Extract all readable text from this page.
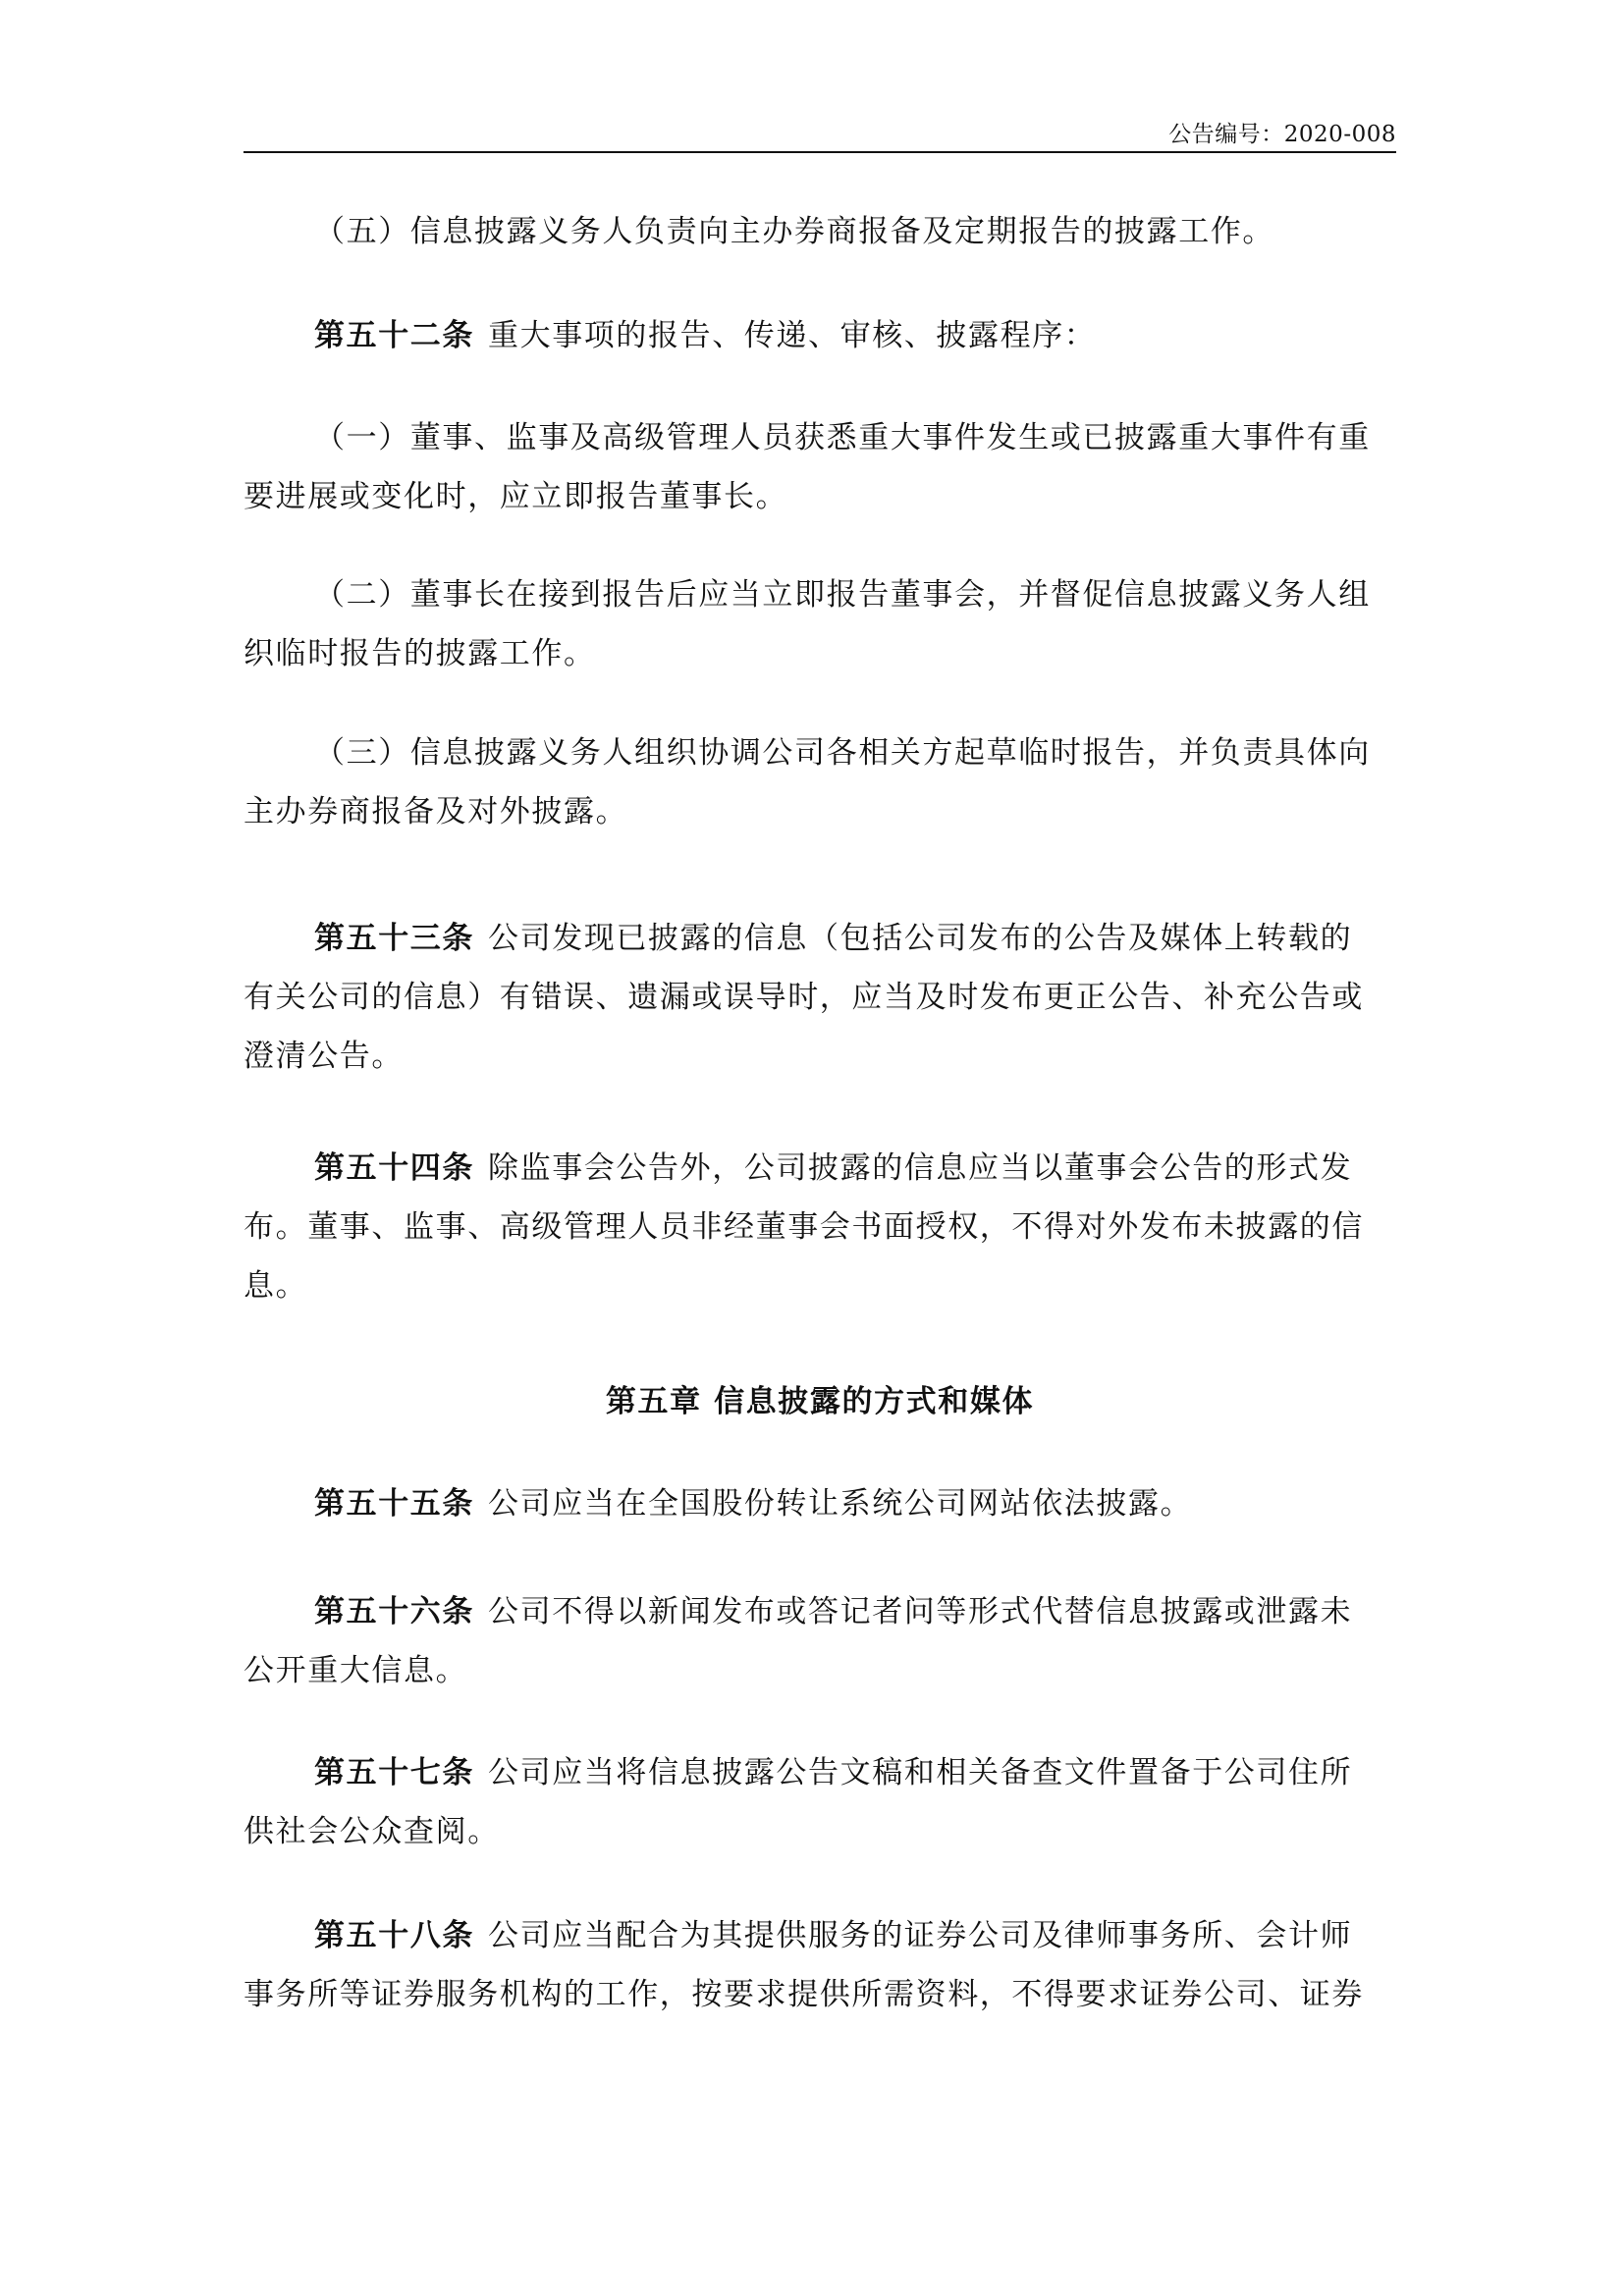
公告编号：2020-008

（五）信息披露义务人负责向主办券商报备及定期报告的披露工作。

第五十二条 重大事项的报告、传递、审核、披露程序：

（一）董事、监事及高级管理人员获悉重大事件发生或已披露重大事件有重要进展或变化时，应立即报告董事长。

（二）董事长在接到报告后应当立即报告董事会，并督促信息披露义务人组织临时报告的披露工作。

（三）信息披露义务人组织协调公司各相关方起草临时报告，并负责具体向主办券商报备及对外披露。

第五十三条 公司发现已披露的信息（包括公司发布的公告及媒体上转载的有关公司的信息）有错误、遗漏或误导时，应当及时发布更正公告、补充公告或澄清公告。

第五十四条 除监事会公告外，公司披露的信息应当以董事会公告的形式发布。董事、监事、高级管理人员非经董事会书面授权，不得对外发布未披露的信息。

第五章 信息披露的方式和媒体

第五十五条 公司应当在全国股份转让系统公司网站依法披露。

第五十六条 公司不得以新闻发布或答记者问等形式代替信息披露或泄露未公开重大信息。

第五十七条 公司应当将信息披露公告文稿和相关备查文件置备于公司住所供社会公众查阅。

第五十八条 公司应当配合为其提供服务的证券公司及律师事务所、会计师事务所等证券服务机构的工作，按要求提供所需资料，不得要求证券公司、证券
